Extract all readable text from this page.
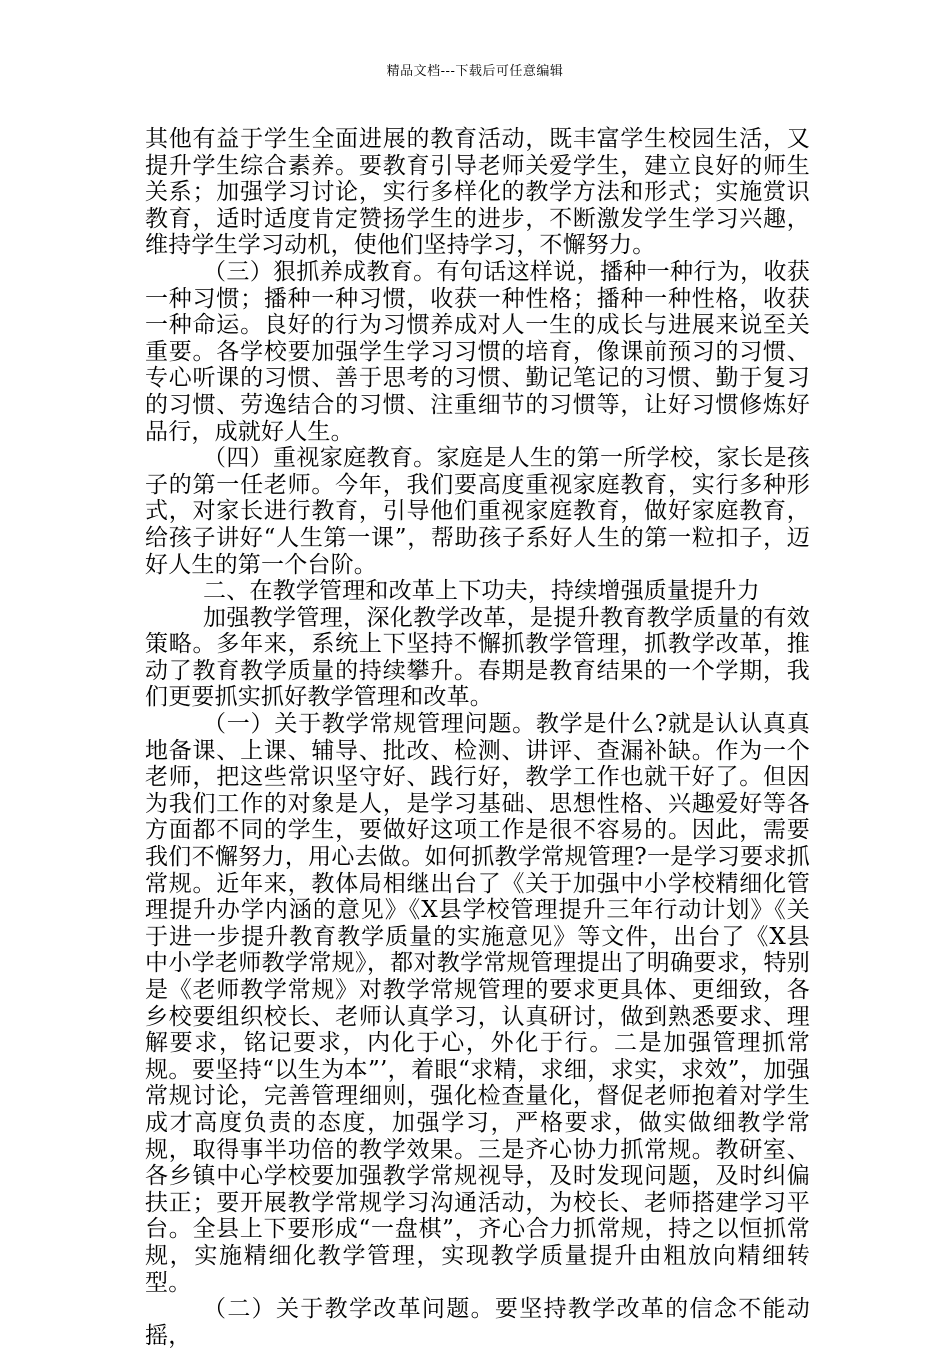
精品文档---下载后可任意编辑

其他有益于学生全面进展的教育活动，既丰富学生校园生活，又提升学生综合素养。要教育引导老师关爱学生，建立良好的师生关系；加强学习讨论，实行多样化的教学方法和形式；实施赏识教育，适时适度肯定赞扬学生的进步，不断激发学生学习兴趣，维持学生学习动机，使他们坚持学习，不懈努力。

（三）狠抓养成教育。有句话这样说，播种一种行为，收获一种习惯；播种一种习惯，收获一种性格；播种一种性格，收获一种命运。良好的行为习惯养成对人一生的成长与进展来说至关重要。各学校要加强学生学习习惯的培育，像课前预习的习惯、专心听课的习惯、善于思考的习惯、勤记笔记的习惯、勤于复习的习惯、劳逸结合的习惯、注重细节的习惯等，让好习惯修炼好品行，成就好人生。

（四）重视家庭教育。家庭是人生的第一所学校，家长是孩子的第一任老师。今年，我们要高度重视家庭教育，实行多种形式，对家长进行教育，引导他们重视家庭教育，做好家庭教育，给孩子讲好“人生第一课”，帮助孩子系好人生的第一粒扣子，迈好人生的第一个台阶。

二、在教学管理和改革上下功夫，持续增强质量提升力

加强教学管理，深化教学改革，是提升教育教学质量的有效策略。多年来，系统上下坚持不懈抓教学管理，抓教学改革，推动了教育教学质量的持续攀升。春期是教育结果的一个学期，我们更要抓实抓好教学管理和改革。

（一）关于教学常规管理问题。教学是什么?就是认认真真地备课、上课、辅导、批改、检测、讲评、查漏补缺。作为一个老师，把这些常识坚守好、践行好，教学工作也就干好了。但因为我们工作的对象是人，是学习基础、思想性格、兴趣爱好等各方面都不同的学生，要做好这项工作是很不容易的。因此，需要我们不懈努力，用心去做。如何抓教学常规管理?一是学习要求抓常规。近年来，教体局相继出台了《关于加强中小学校精细化管理提升办学内涵的意见》《X县学校管理提升三年行动计划》《关于进一步提升教育教学质量的实施意见》等文件，出台了《X县中小学老师教学常规》，都对教学常规管理提出了明确要求，特别是《老师教学常规》对教学常规管理的要求更具体、更细致，各乡校要组织校长、老师认真学习，认真研讨，做到熟悉要求、理解要求，铭记要求，内化于心，外化于行。二是加强管理抓常规。要坚持“以生为本”’，着眼“求精，求细，求实，求效”，加强常规讨论，完善管理细则，强化检查量化，督促老师抱着对学生成才高度负责的态度，加强学习，严格要求，做实做细教学常规，取得事半功倍的教学效果。三是齐心协力抓常规。教研室、各乡镇中心学校要加强教学常规视导，及时发现问题，及时纠偏扶正；要开展教学常规学习沟通活动，为校长、老师搭建学习平台。全县上下要形成“一盘棋”，齐心合力抓常规，持之以恒抓常规，实施精细化教学管理，实现教学质量提升由粗放向精细转型。

（二）关于教学改革问题。要坚持教学改革的信念不能动摇，
